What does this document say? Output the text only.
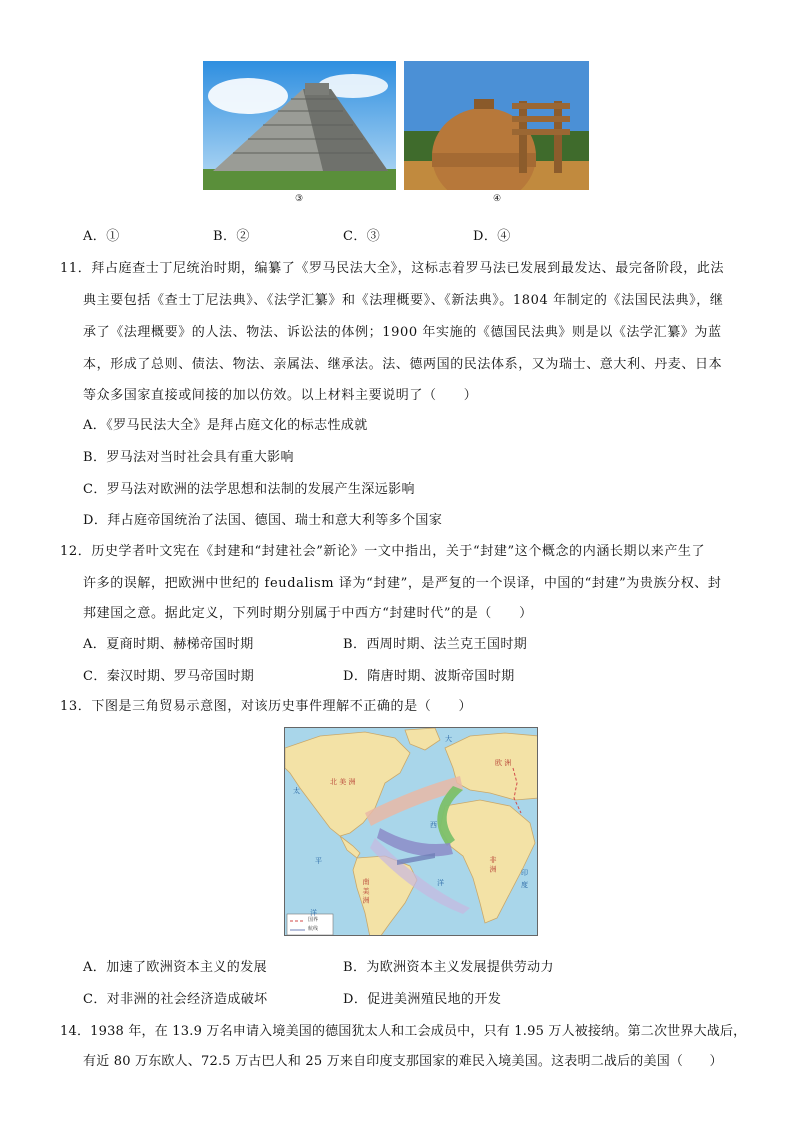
③	④
A．①	B．②	C．③	D．④
11．拜占庭查士丁尼统治时期，编纂了《罗马民法大全》，这标志着罗马法已发展到最发达、最完备阶段，此法
典主要包括《查士丁尼法典》、《法学汇纂》和《法理概要》、《新法典》。1804 年制定的《法国民法典》，继
承了《法理概要》的人法、物法、诉讼法的体例；1900 年实施的《德国民法典》则是以《法学汇纂》为蓝
本，形成了总则、债法、物法、亲属法、继承法。法、德两国的民法体系，又为瑞士、意大利、丹麦、日本
等众多国家直接或间接的加以仿效。以上材料主要说明了（　　）
A．《罗马民法大全》是拜占庭文化的标志性成就
B．罗马法对当时社会具有重大影响
C．罗马法对欧洲的法学思想和法制的发展产生深远影响
D．拜占庭帝国统治了法国、德国、瑞士和意大利等多个国家
12．历史学者叶文宪在《封建和“封建社会”新论》一文中指出，关于“封建”这个概念的内涵长期以来产生了
许多的误解，把欧洲中世纪的 feudalism 译为“封建”，是严复的一个误译，中国的“封建”为贵族分权、封
邦建国之意。据此定义，下列时期分别属于中西方“封建时代”的是（　　）
A．夏商时期、赫梯帝国时期	B．西周时期、法兰克王国时期
C．秦汉时期、罗马帝国时期	D．隋唐时期、波斯帝国时期
13．下图是三角贸易示意图，对该历史事件理解不正确的是（　　）
北 美 洲
南 美 洲
欧 洲
非 洲
大
西
洋
太
平
洋
印
度
国界
航线
A．加速了欧洲资本主义的发展	B．为欧洲资本主义发展提供劳动力
C．对非洲的社会经济造成破坏	D．促进美洲殖民地的开发
14．1938 年，在 13.9 万名申请入境美国的德国犹太人和工会成员中，只有 1.95 万人被接纳。第二次世界大战后，
有近 80 万东欧人、72.5 万古巴人和 25 万来自印度支那国家的难民入境美国。这表明二战后的美国（　　）
